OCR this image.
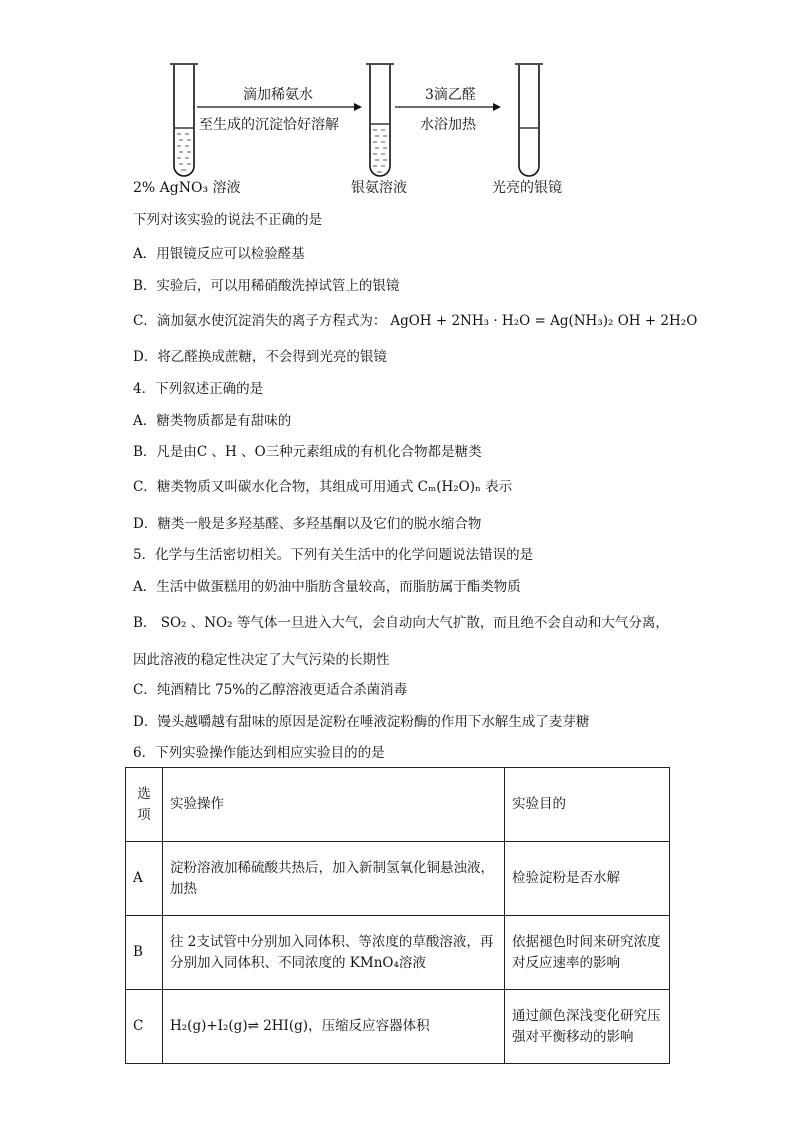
滴加稀氨水
至生成的沉淀恰好溶解
3滴乙醛
水浴加热
2% AgNO₃ 溶液	银氨溶液	光亮的银镜
下列对该实验的说法不正确的是
A．用银镜反应可以检验醛基
B．实验后，可以用稀硝酸洗掉试管上的银镜
C．滴加氨水使沉淀消失的离子方程式为： AgOH + 2NH₃ · H₂O = Ag(NH₃)₂ OH + 2H₂O
D．将乙醛换成蔗糖，不会得到光亮的银镜
4．下列叙述正确的是
A．糖类物质都是有甜味的
B．凡是由C 、H 、O三种元素组成的有机化合物都是糖类
C．糖类物质又叫碳水化合物，其组成可用通式 Cₘ(H₂O)ₙ 表示
D．糖类一般是多羟基醛、多羟基酮以及它们的脱水缩合物
5．化学与生活密切相关。下列有关生活中的化学问题说法错误的是
A．生活中做蛋糕用的奶油中脂肪含量较高，而脂肪属于酯类物质
B． SO₂ 、NO₂ 等气体一旦进入大气，会自动向大气扩散，而且绝不会自动和大气分离，
因此溶液的稳定性决定了大气污染的长期性
C．纯酒精比 75%的乙醇溶液更适合杀菌消毒
D．馒头越嚼越有甜味的原因是淀粉在唾液淀粉酶的作用下水解生成了麦芽糖
6．下列实验操作能达到相应实验目的的是
选项	实验操作	实验目的
A	淀粉溶液加稀硫酸共热后，加入新制氢氧化铜悬浊液，加热	检验淀粉是否水解
B	往 2支试管中分别加入同体积、等浓度的草酸溶液，再分别加入同体积、不同浓度的 KMnO₄溶液	依据褪色时间来研究浓度对反应速率的影响
C	H₂(g)+I₂(g)⇌ 2HI(g)，压缩反应容器体积	通过颜色深浅变化研究压强对平衡移动的影响
